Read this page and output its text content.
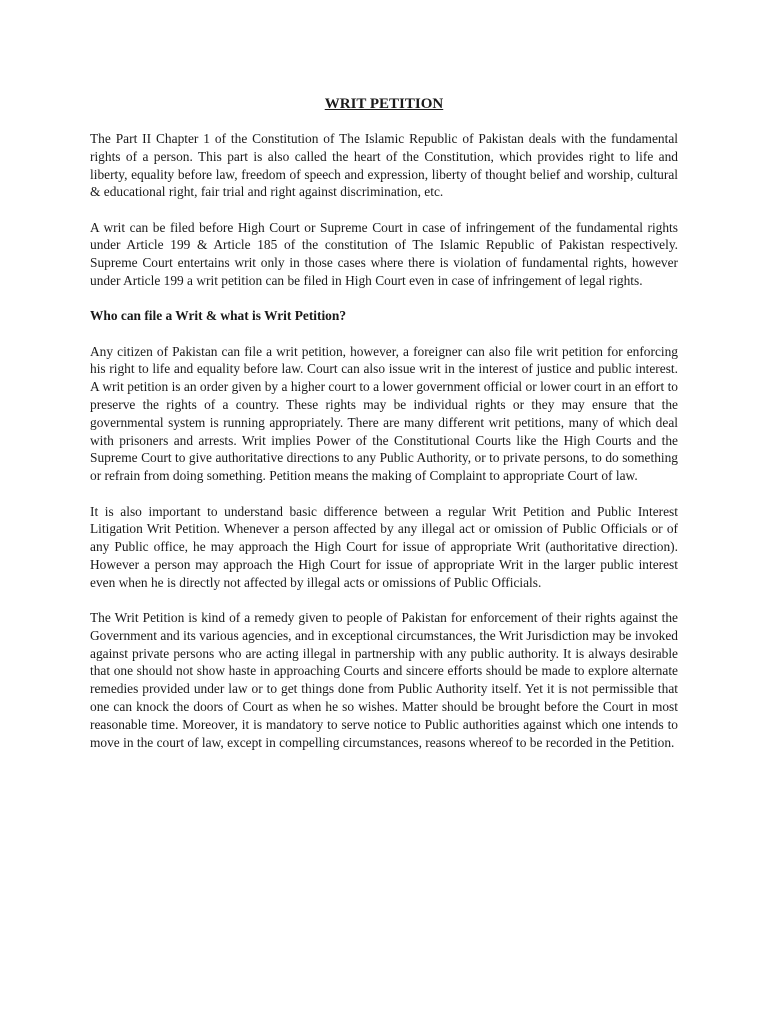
WRIT PETITION

The Part II Chapter 1 of the Constitution of The Islamic Republic of Pakistan deals with the fundamental rights of a person. This part is also called the heart of the Constitution, which provides right to life and liberty, equality before law, freedom of speech and expression, liberty of thought belief and worship, cultural & educational right, fair trial and right against discrimination, etc.

A writ can be filed before High Court or Supreme Court in case of infringement of the fundamental rights under Article 199 & Article 185 of the constitution of The Islamic Republic of Pakistan respectively. Supreme Court entertains writ only in those cases where there is violation of fundamental rights, however under Article 199 a writ petition can be filed in High Court even in case of infringement of legal rights.

Who can file a Writ & what is Writ Petition?

Any citizen of Pakistan can file a writ petition, however, a foreigner can also file writ petition for enforcing his right to life and equality before law. Court can also issue writ in the interest of justice and public interest. A writ petition is an order given by a higher court to a lower government official or lower court in an effort to preserve the rights of a country. These rights may be individual rights or they may ensure that the governmental system is running appropriately. There are many different writ petitions, many of which deal with prisoners and arrests. Writ implies Power of the Constitutional Courts like the High Courts and the Supreme Court to give authoritative directions to any Public Authority, or to private persons, to do something or refrain from doing something. Petition means the making of Complaint to appropriate Court of law.

It is also important to understand basic difference between a regular Writ Petition and Public Interest Litigation Writ Petition. Whenever a person affected by any illegal act or omission of Public Officials or of any Public office, he may approach the High Court for issue of appropriate Writ (authoritative direction). However a person may approach the High Court for issue of appropriate Writ in the larger public interest even when he is directly not affected by illegal acts or omissions of Public Officials.

The Writ Petition is kind of a remedy given to people of Pakistan for enforcement of their rights against the Government and its various agencies, and in exceptional circumstances, the Writ Jurisdiction may be invoked against private persons who are acting illegal in partnership with any public authority. It is always desirable that one should not show haste in approaching Courts and sincere efforts should be made to explore alternate remedies provided under law or to get things done from Public Authority itself. Yet it is not permissible that one can knock the doors of Court as when he so wishes. Matter should be brought before the Court in most reasonable time. Moreover, it is mandatory to serve notice to Public authorities against which one intends to move in the court of law, except in compelling circumstances, reasons whereof to be recorded in the Petition.
